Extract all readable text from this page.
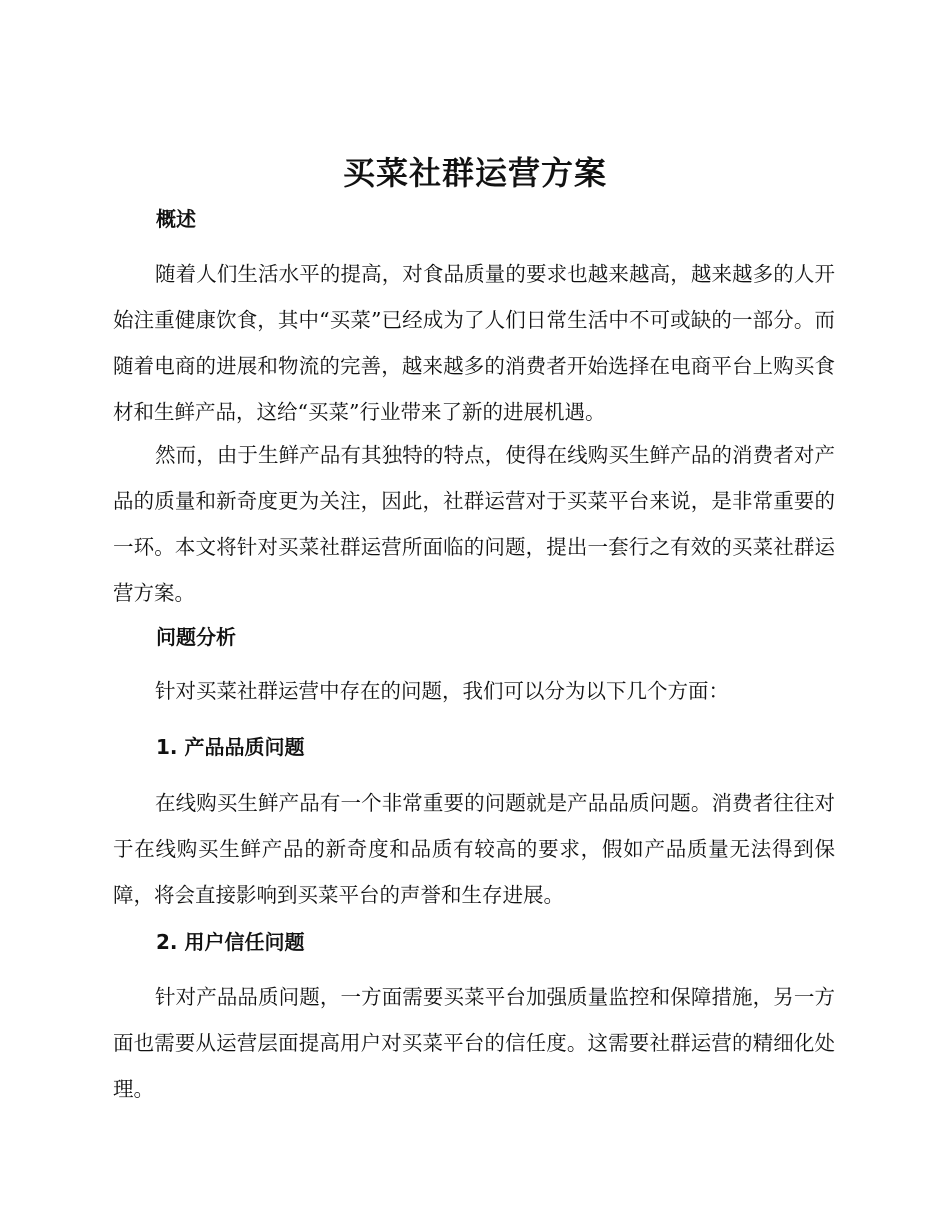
买菜社群运营方案
概述

随着人们生活水平的提高，对食品质量的要求也越来越高，越来越多的人开始注重健康饮食，其中“买菜”已经成为了人们日常生活中不可或缺的一部分。而随着电商的进展和物流的完善，越来越多的消费者开始选择在电商平台上购买食材和生鲜产品，这给“买菜”行业带来了新的进展机遇。

然而，由于生鲜产品有其独特的特点，使得在线购买生鲜产品的消费者对产品的质量和新奇度更为关注，因此，社群运营对于买菜平台来说，是非常重要的一环。本文将针对买菜社群运营所面临的问题，提出一套行之有效的买菜社群运营方案。

问题分析

针对买菜社群运营中存在的问题，我们可以分为以下几个方面：

1. 产品品质问题

在线购买生鲜产品有一个非常重要的问题就是产品品质问题。消费者往往对于在线购买生鲜产品的新奇度和品质有较高的要求，假如产品质量无法得到保障，将会直接影响到买菜平台的声誉和生存进展。

2. 用户信任问题

针对产品品质问题，一方面需要买菜平台加强质量监控和保障措施，另一方面也需要从运营层面提高用户对买菜平台的信任度。这需要社群运营的精细化处理。
